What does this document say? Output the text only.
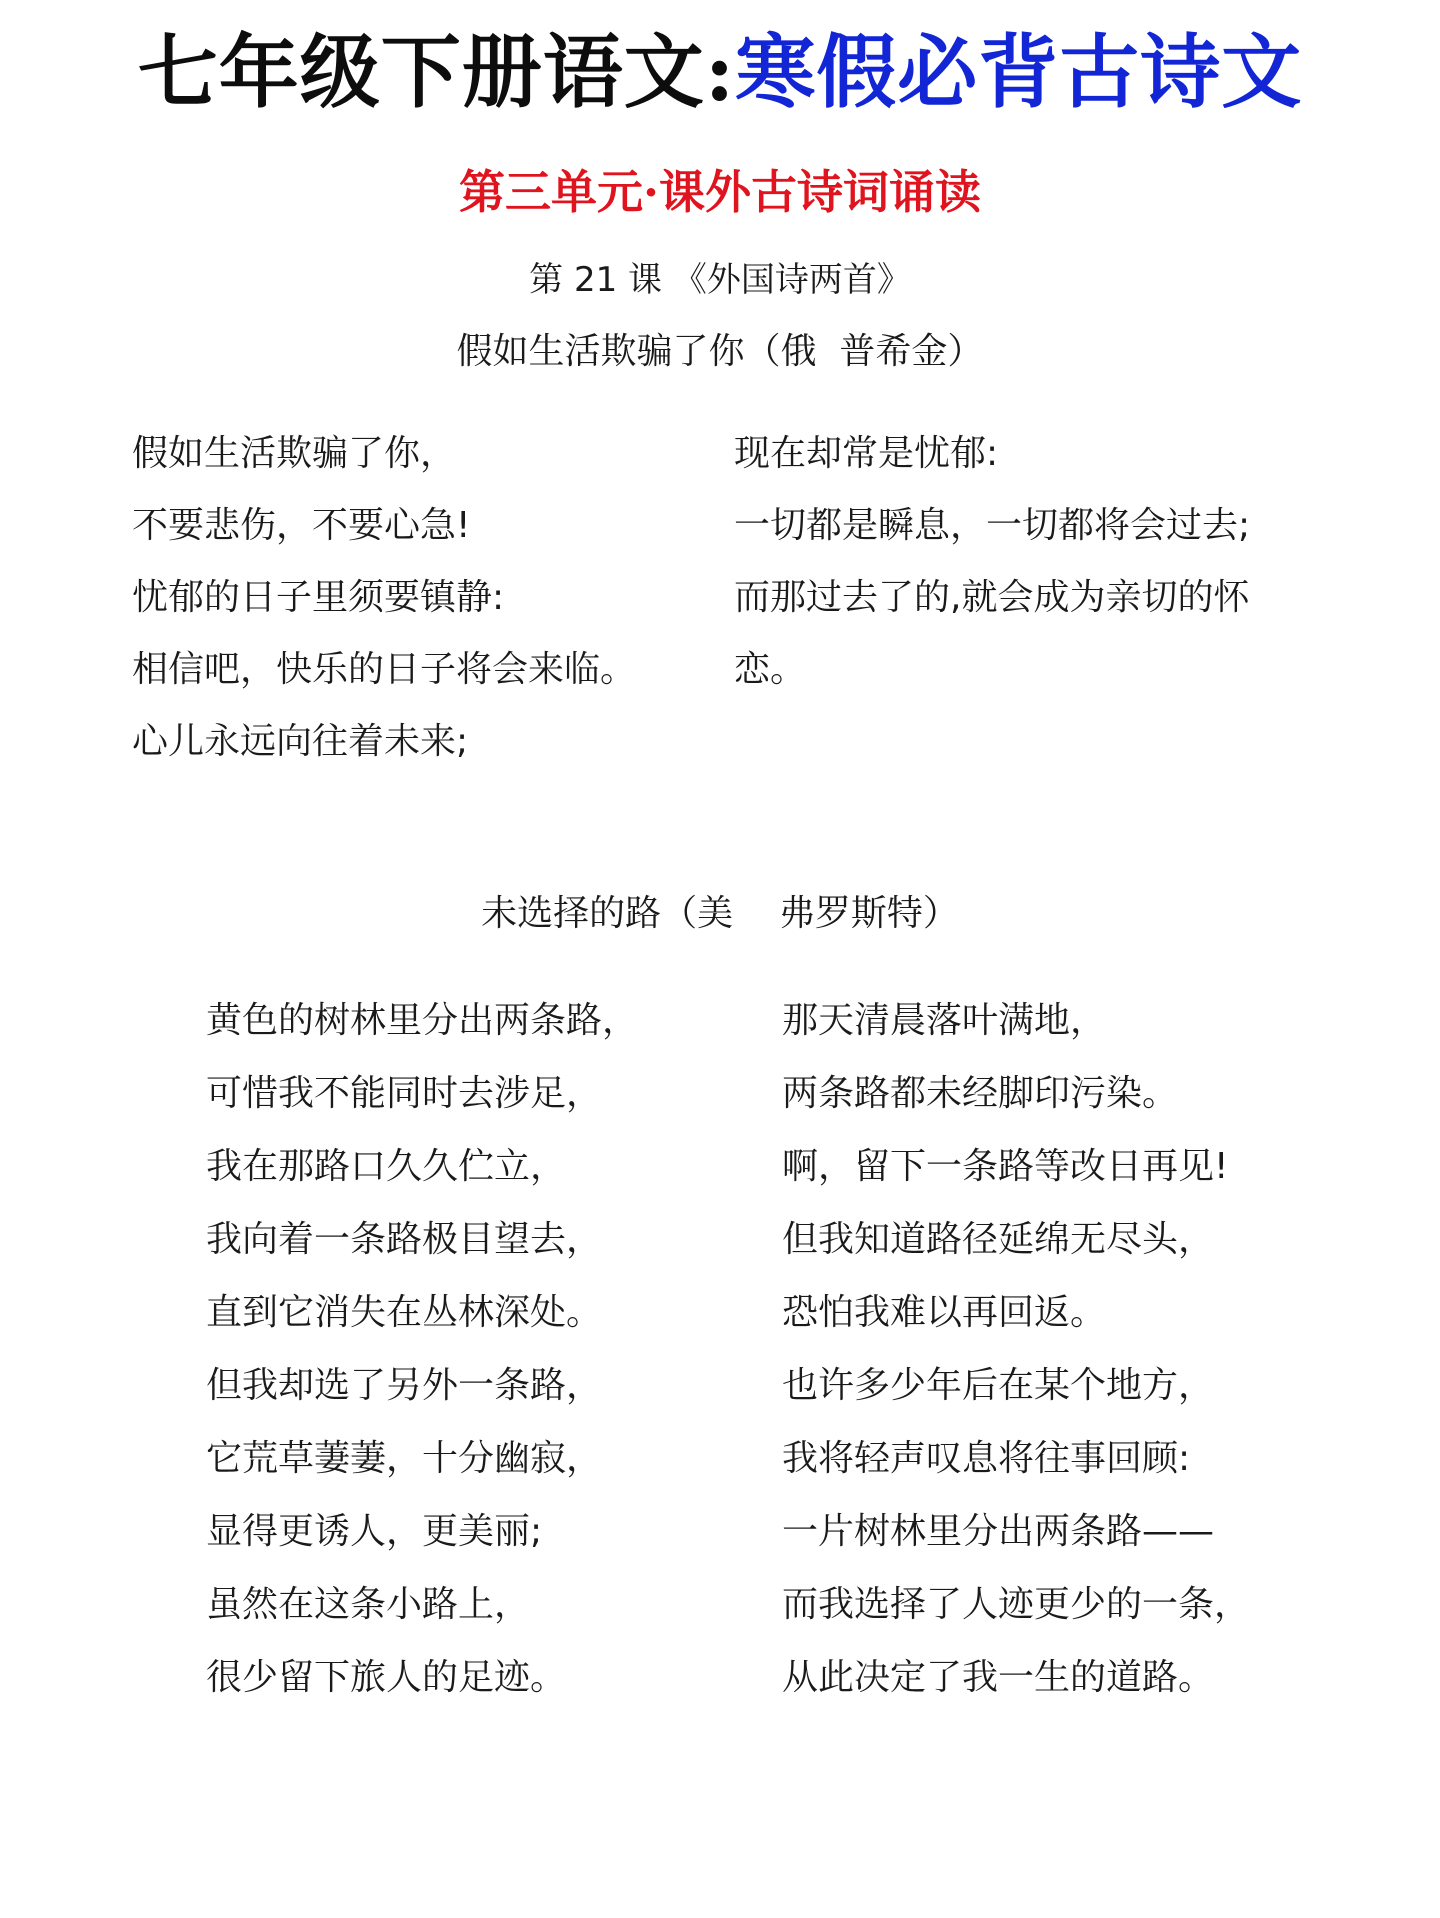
七年级下册语文:寒假必背古诗文
第三单元·课外古诗词诵读
第 21 课 《外国诗两首》
假如生活欺骗了你（俄  普希金）
假如生活欺骗了你，
不要悲伤，不要心急!
忧郁的日子里须要镇静:
相信吧，快乐的日子将会来临。
心儿永远向往着未来;
现在却常是忧郁:
一切都是瞬息，一切都将会过去;
而那过去了的,就会成为亲切的怀
恋。
未选择的路（美    弗罗斯特）
黄色的树林里分出两条路，
可惜我不能同时去涉足，
我在那路口久久伫立，
我向着一条路极目望去，
直到它消失在丛林深处。
但我却选了另外一条路，
它荒草萋萋，十分幽寂，
显得更诱人，更美丽;
虽然在这条小路上，
很少留下旅人的足迹。
那天清晨落叶满地，
两条路都未经脚印污染。
啊，留下一条路等改日再见!
但我知道路径延绵无尽头，
恐怕我难以再回返。
也许多少年后在某个地方，
我将轻声叹息将往事回顾:
一片树林里分出两条路——
而我选择了人迹更少的一条，
从此决定了我一生的道路。
